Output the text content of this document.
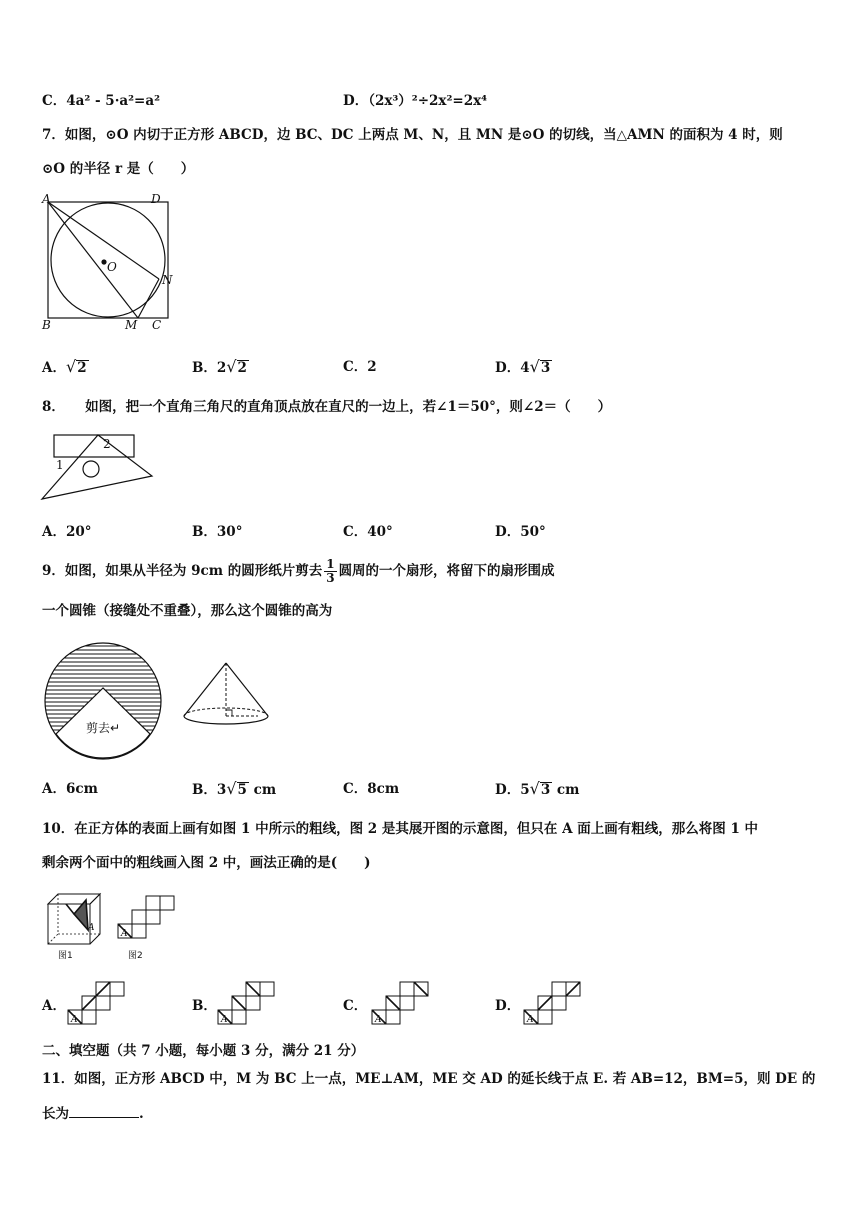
C．4a² - 5·a²=a²	D．（2x³）²÷2x²=2x⁴
7．如图，⊙O 内切于正方形 ABCD，边 BC、DC 上两点 M、N，且 MN 是⊙O 的切线，当△AMN 的面积为 4 时，则
⊙O 的半径 r 是（　　）
A	D
O
N
B	M C
A．√2	B．2√2	C．2	D．4√3
8．　　如图，把一个直角三角尺的直角顶点放在直尺的一边上，若∠1＝50°，则∠2＝（　　）
1
2
A．20°	B．30°	C．40°	D．50°
9．如图，如果从半径为 9cm 的圆形纸片剪去 $\frac{1}{3}$ 圆周的一个扇形，将留下的扇形围成
一个圆锥（接缝处不重叠），那么这个圆锥的高为
剪去↵
A．6cm	B．3√5 cm	C．8cm	D．5√3 cm
10．在正方体的表面上画有如图 1 中所示的粗线，图 2 是其展开图的示意图，但只在 A 面上画有粗线，那么将图 1 中
剩余两个面中的粗线画入图 2 中，画法正确的是(　　)
A
图1
A
图2
A．
A
B．
A
C．
A
D．
A
二、填空题（共 7 小题，每小题 3 分，满分 21 分）
11．如图，正方形 ABCD 中，M 为 BC 上一点，ME⊥AM，ME 交 AD 的延长线于点 E. 若 AB=12，BM=5，则 DE 的
长为	.
